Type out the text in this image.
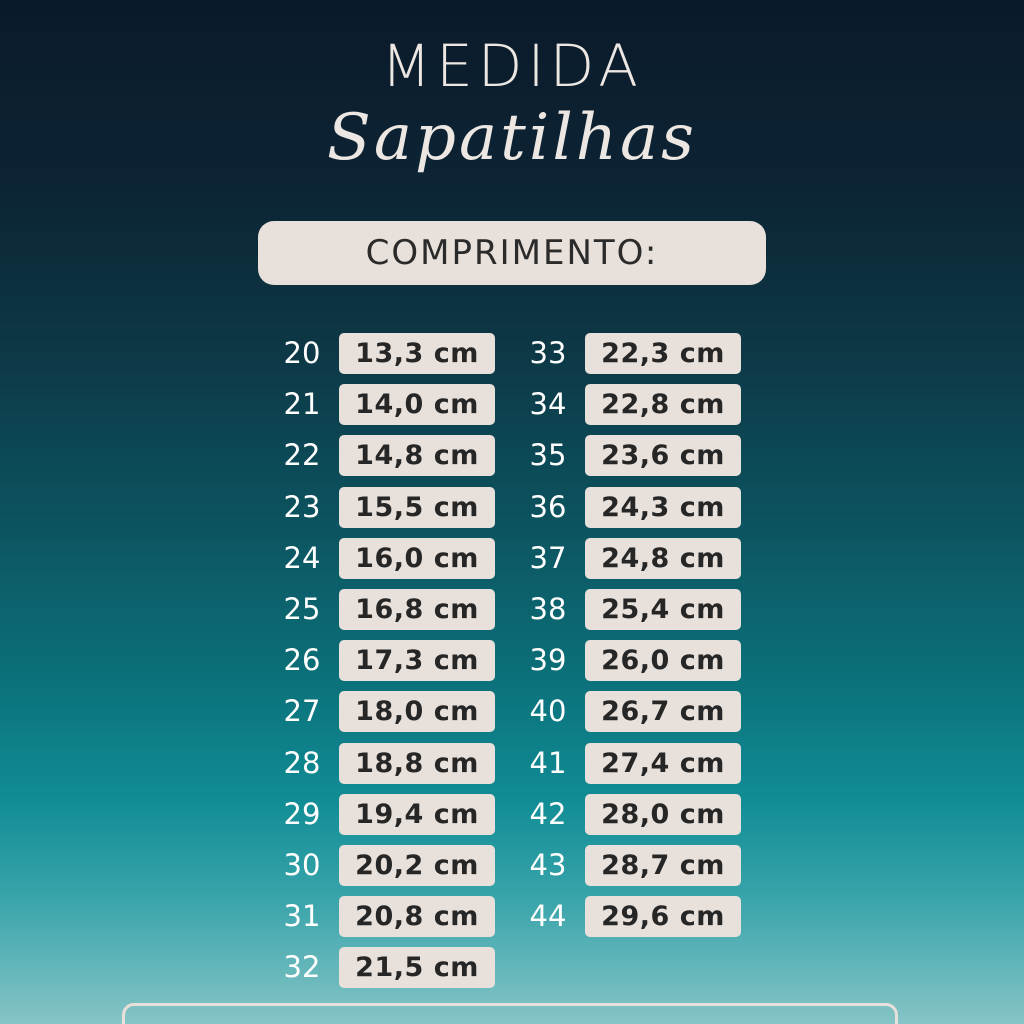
MEDIDA
Sapatilhas
COMPRIMENTO:
20	13,3 cm
21	14,0 cm
22	14,8 cm
23	15,5 cm
24	16,0 cm
25	16,8 cm
26	17,3 cm
27	18,0 cm
28	18,8 cm
29	19,4 cm
30	20,2 cm
31	20,8 cm
32	21,5 cm
33	22,3 cm
34	22,8 cm
35	23,6 cm
36	24,3 cm
37	24,8 cm
38	25,4 cm
39	26,0 cm
40	26,7 cm
41	27,4 cm
42	28,0 cm
43	28,7 cm
44	29,6 cm
